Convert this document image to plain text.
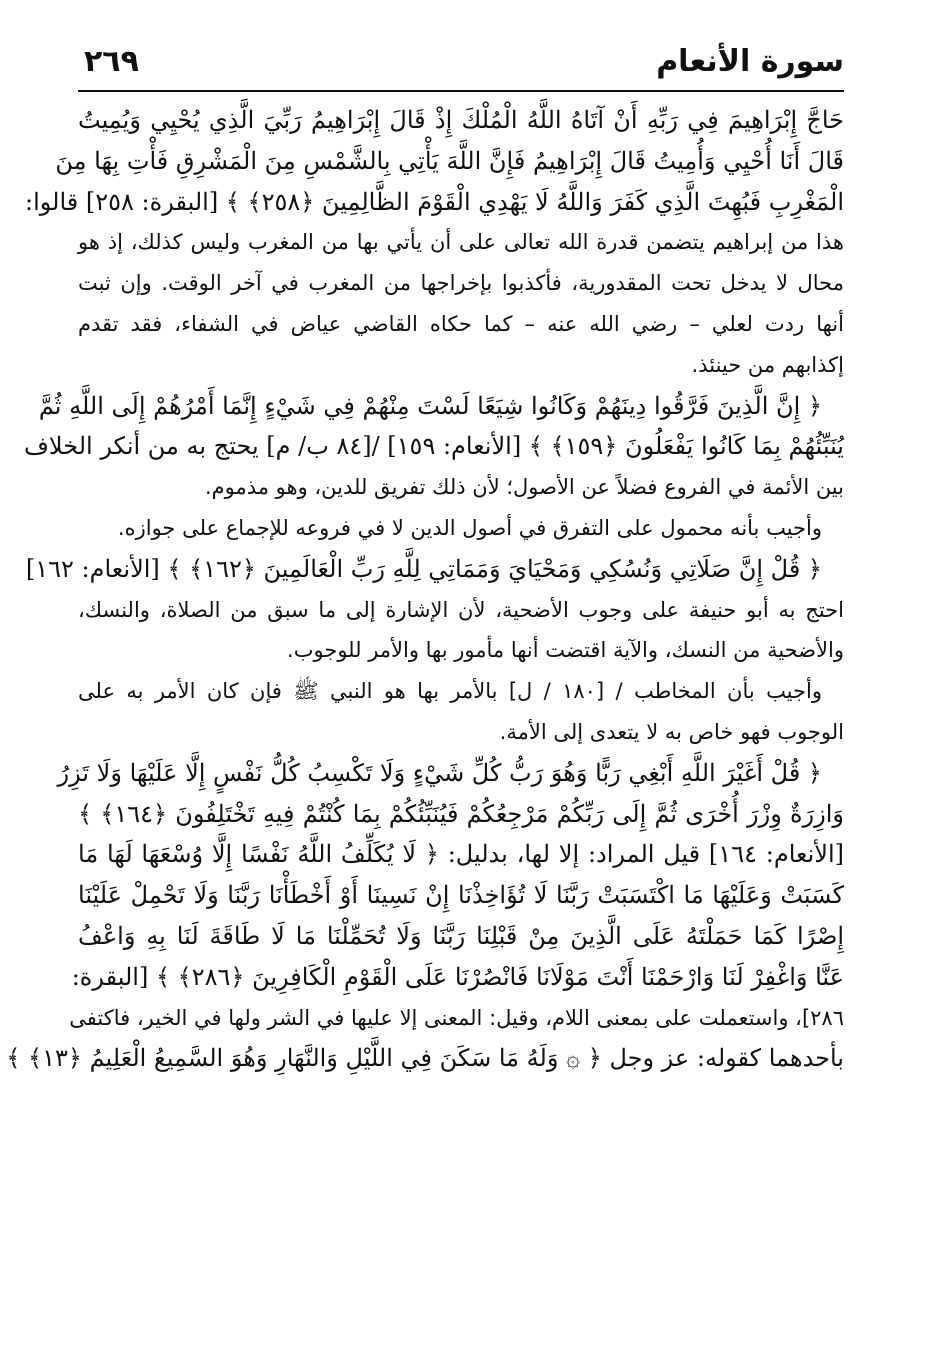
٢٦٩	سورة الأنعام
حَاجَّ إِبْرَاهِيمَ فِي رَبِّهِ أَنْ آتَاهُ اللَّهُ الْمُلْكَ إِذْ قَالَ إِبْرَاهِيمُ رَبِّيَ الَّذِي يُحْيِي وَيُمِيتُ
قَالَ أَنَا أُحْيِي وَأُمِيتُ قَالَ إِبْرَاهِيمُ فَإِنَّ اللَّهَ يَأْتِي بِالشَّمْسِ مِنَ الْمَشْرِقِ فَأْتِ بِهَا مِنَ
الْمَغْرِبِ فَبُهِتَ الَّذِي كَفَرَ وَاللَّهُ لَا يَهْدِي الْقَوْمَ الظَّالِمِينَ ﴿٢٥٨﴾ ﴾ [البقرة: ٢٥٨] قالوا:
هذا من إبراهيم يتضمن قدرة الله تعالى على أن يأتي بها من المغرب وليس كذلك، إذ هو
محال لا يدخل تحت المقدورية، فأكذبوا بإخراجها من المغرب في آخر الوقت. وإن ثبت
أنها ردت لعلي – رضي الله عنه – كما حكاه القاضي عياض في الشفاء، فقد تقدم
إكذابهم من حينئذ.
﴿ إِنَّ الَّذِينَ فَرَّقُوا دِينَهُمْ وَكَانُوا شِيَعًا لَسْتَ مِنْهُمْ فِي شَيْءٍ إِنَّمَا أَمْرُهُمْ إِلَى اللَّهِ ثُمَّ
يُنَبِّئُهُمْ بِمَا كَانُوا يَفْعَلُونَ ﴿١٥٩﴾ ﴾ [الأنعام: ١٥٩] /[٨٤ ب/ م] يحتج به من أنكر الخلاف
بين الأئمة في الفروع فضلاً عن الأصول؛ لأن ذلك تفريق للدين، وهو مذموم.
وأجيب بأنه محمول على التفرق في أصول الدين لا في فروعه للإجماع على جوازه.
﴿ قُلْ إِنَّ صَلَاتِي وَنُسُكِي وَمَحْيَايَ وَمَمَاتِي لِلَّهِ رَبِّ الْعَالَمِينَ ﴿١٦٢﴾ ﴾ [الأنعام: ١٦٢]
احتج به أبو حنيفة على وجوب الأضحية، لأن الإشارة إلى ما سبق من الصلاة، والنسك،
والأضحية من النسك، والآية اقتضت أنها مأمور بها والأمر للوجوب.
وأجيب بأن المخاطب / [١٨٠ / ل] بالأمر بها هو النبي ﷺ فإن كان الأمر به على
الوجوب فهو خاص به لا يتعدى إلى الأمة.
﴿ قُلْ أَغَيْرَ اللَّهِ أَبْغِي رَبًّا وَهُوَ رَبُّ كُلِّ شَيْءٍ وَلَا تَكْسِبُ كُلُّ نَفْسٍ إِلَّا عَلَيْهَا وَلَا تَزِرُ
وَازِرَةٌ وِزْرَ أُخْرَى ثُمَّ إِلَى رَبِّكُمْ مَرْجِعُكُمْ فَيُنَبِّئُكُمْ بِمَا كُنْتُمْ فِيهِ تَخْتَلِفُونَ ﴿١٦٤﴾ ﴾
[الأنعام: ١٦٤] قيل المراد: إلا لها، بدليل: ﴿ لَا يُكَلِّفُ اللَّهُ نَفْسًا إِلَّا وُسْعَهَا لَهَا مَا
كَسَبَتْ وَعَلَيْهَا مَا اكْتَسَبَتْ رَبَّنَا لَا تُؤَاخِذْنَا إِنْ نَسِينَا أَوْ أَخْطَأْنَا رَبَّنَا وَلَا تَحْمِلْ عَلَيْنَا
إِصْرًا كَمَا حَمَلْتَهُ عَلَى الَّذِينَ مِنْ قَبْلِنَا رَبَّنَا وَلَا تُحَمِّلْنَا مَا لَا طَاقَةَ لَنَا بِهِ وَاعْفُ
عَنَّا وَاغْفِرْ لَنَا وَارْحَمْنَا أَنْتَ مَوْلَانَا فَانْصُرْنَا عَلَى الْقَوْمِ الْكَافِرِينَ ﴿٢٨٦﴾ ﴾ [البقرة:
٢٨٦]، واستعملت على بمعنى اللام، وقيل: المعنى إلا عليها في الشر ولها في الخير، فاكتفى
بأحدهما كقوله: عز وجل ﴿ ۞ وَلَهُ مَا سَكَنَ فِي اللَّيْلِ وَالنَّهَارِ وَهُوَ السَّمِيعُ الْعَلِيمُ ﴿١٣﴾ ﴾
